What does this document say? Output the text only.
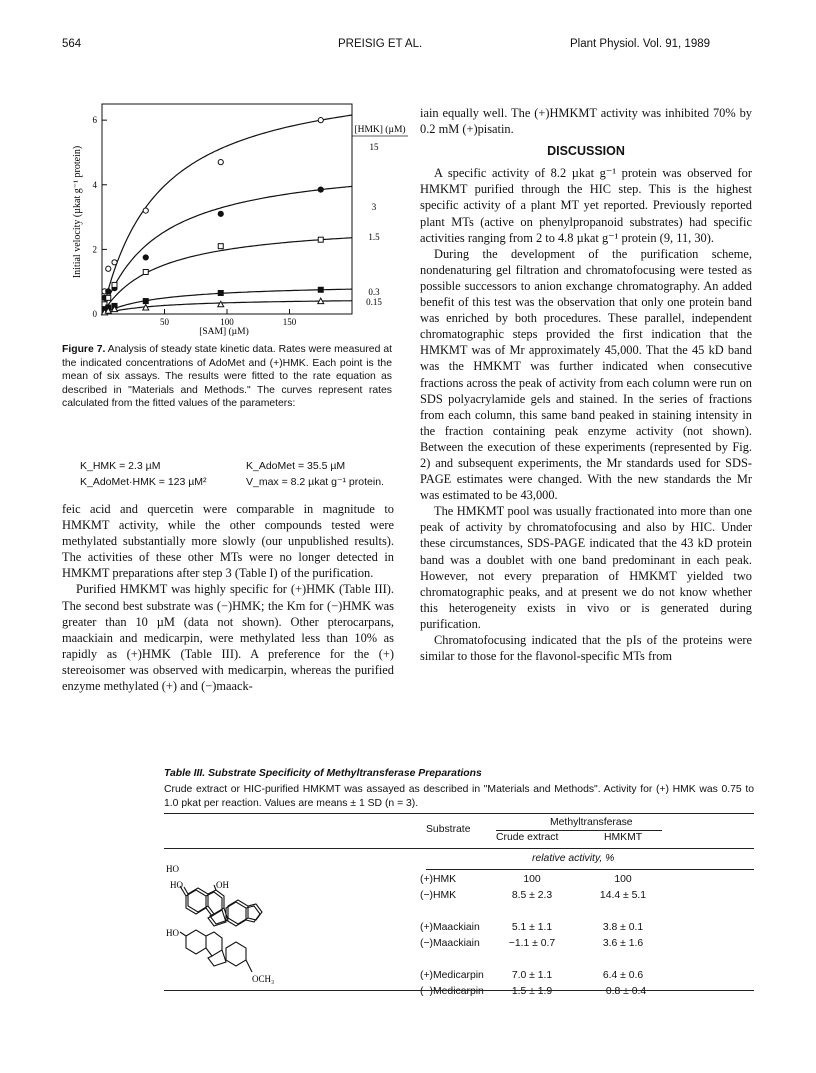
564	PREISIG ET AL.	Plant Physiol. Vol. 91, 1989
Initial velocity (µkat g⁻¹ protein)
[SAM] (µM)
[HMK] (µM)
50	100	150
0
2
4
6
15
3
1.5
0.3
0.15
Figure 7. Analysis of steady state kinetic data. Rates were measured at the indicated concentrations of AdoMet and (+)HMK. Each point is the mean of six assays. The results were fitted to the rate equation as described in "Materials and Methods." The curves represent rates calculated from the fitted values of the parameters:
K_HMK = 2.3 µM	K_AdoMet = 35.5 µM
K_AdoMet·HMK = 123 µM²	V_max = 8.2 µkat g⁻¹ protein.

feic acid and quercetin were comparable in magnitude to HMKMT activity, while the other compounds tested were methylated substantially more slowly (our unpublished results). The activities of these other MTs were no longer detected in HMKMT preparations after step 3 (Table I) of the purification.

Purified HMKMT was highly specific for (+)HMK (Table III). The second best substrate was (−)HMK; the Km for (−)HMK was greater than 10 µM (data not shown). Other pterocarpans, maackiain and medicarpin, were methylated less than 10% as rapidly as (+)HMK (Table III). A preference for the (+) stereoisomer was observed with medicarpin, whereas the purified enzyme methylated (+) and (−)maack-

iain equally well. The (+)HMKMT activity was inhibited 70% by 0.2 mM (+)pisatin.

DISCUSSION

A specific activity of 8.2 µkat g⁻¹ protein was observed for HMKMT purified through the HIC step. This is the highest specific activity of a plant MT yet reported. Previously reported plant MTs (active on phenylpropanoid substrates) had specific activities ranging from 2 to 4.8 µkat g⁻¹ protein (9, 11, 30).

During the development of the purification scheme, nondenaturing gel filtration and chromatofocusing were tested as possible successors to anion exchange chromatography. An added benefit of this test was the observation that only one protein band was enriched by both procedures. These parallel, independent chromatographic steps provided the first indication that the HMKMT was of Mr approximately 45,000. That the 45 kD band was the HMKMT was further indicated when consecutive fractions across the peak of activity from each column were run on SDS polyacrylamide gels and stained. In the series of fractions from each column, this same band peaked in staining intensity in the fraction containing peak enzyme activity (not shown). Between the execution of these experiments (represented by Fig. 2) and subsequent experiments, the Mr standards used for SDS-PAGE estimates were changed. With the new standards the Mr was estimated to be 43,000.

The HMKMT pool was usually fractionated into more than one peak of activity by chromatofocusing and also by HIC. Under these circumstances, SDS-PAGE indicated that the 43 kD protein band was a doublet with one band predominant in each peak. However, not every preparation of HMKMT yielded two chromatographic peaks, and at present we do not know whether this heterogeneity exists in vivo or is generated during purification.

Chromatofocusing indicated that the pIs of the proteins were similar to those for the flavonol-specific MTs from

Table III. Substrate Specificity of Methyltransferase Preparations
Crude extract or HIC-purified HMKMT was assayed as described in "Materials and Methods". Activity for (+) HMK was 0.75 to 1.0 pkat per reaction. Values are means ± 1 SD (n = 3).
Substrate
Methyltransferase
Crude extract	HMKMT
relative activity, %
(+)HMK	100	100
(−)HMK	8.5 ± 2.3	14.4 ± 5.1
(+)Maackiain	5.1 ± 1.1	3.8 ± 0.1
(−)Maackiain	−1.1 ± 0.7	3.6 ± 1.6
(+)Medicarpin	7.0 ± 1.1	6.4 ± 0.6
(−)Medicarpin	1.5 ± 1.9	−0.8 ± 0.4
HO	OH
HO
HO
OCH₃
